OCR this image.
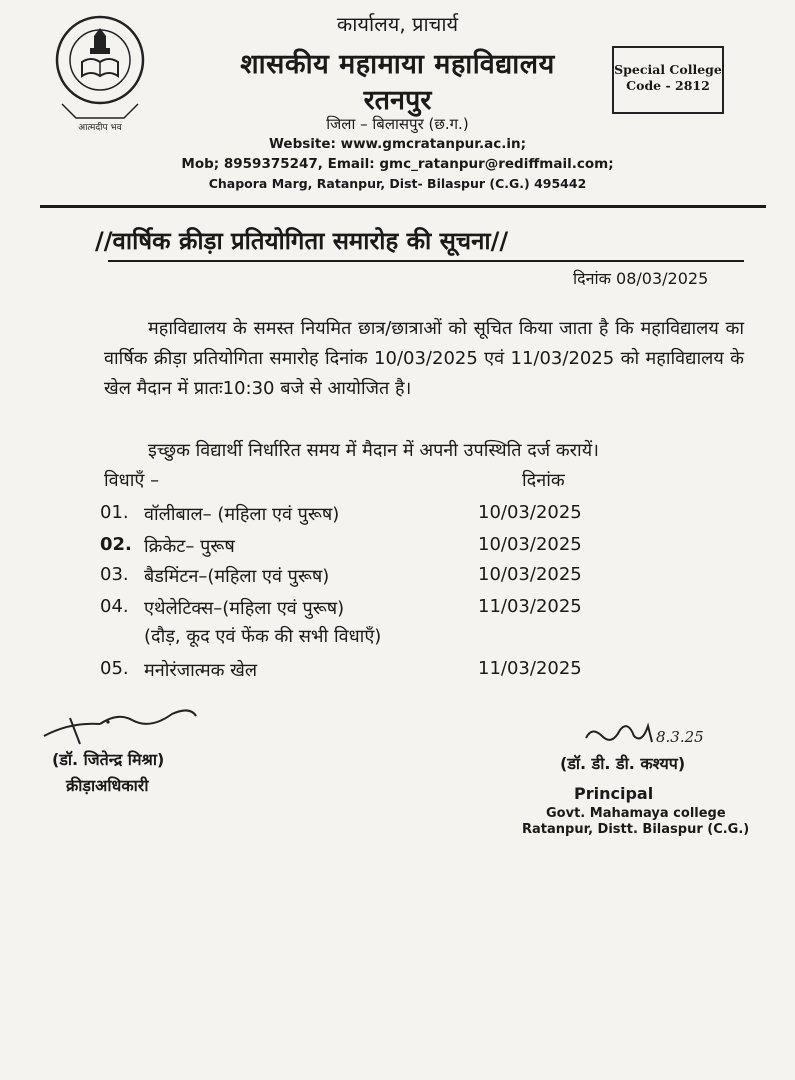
आत्मदीप भव
कार्यालय, प्राचार्य
शासकीय महामाया महाविद्यालय
रतनपुर
जिला – बिलासपुर (छ.ग.)
Website: www.gmcratanpur.ac.in;
Mob; 8959375247, Email: gmc_ratanpur@rediffmail.com;
Chapora Marg, Ratanpur, Dist- Bilaspur (C.G.) 495442
Special College
Code - 2812
//वार्षिक क्रीड़ा प्रतियोगिता समारोह की सूचना//
दिनांक 08/03/2025
महाविद्यालय के समस्त नियमित छात्र/छात्राओं को सूचित किया जाता है कि महाविद्यालय का वार्षिक क्रीड़ा प्रतियोगिता समारोह दिनांक 10/03/2025 एवं 11/03/2025 को महाविद्यालय के खेल मैदान में प्रातः10:30 बजे से आयोजित है।
इच्छुक विद्यार्थी निर्धारित समय में मैदान में अपनी उपस्थिति दर्ज करायें।
विधाऍं –	दिनांक
01. वॉलीबाल– (महिला एवं पुरूष)	10/03/2025
02. क्रिकेट– पुरूष	10/03/2025
03. बैडमिंटन–(महिला एवं पुरूष)	10/03/2025
04. एथेलेटिक्स–(महिला एवं पुरूष)	11/03/2025
(दौड़, कूद एवं फेंक की सभी विधाऍं)
05. मनोरंजात्मक खेल	11/03/2025
(डॉ. जितेन्द्र मिश्रा)
क्रीड़ाअधिकारी
8.3.25
(डॉ. डी. डी. कश्यप)
Principal
Govt. Mahamaya college
Ratanpur, Distt. Bilaspur (C.G.)
